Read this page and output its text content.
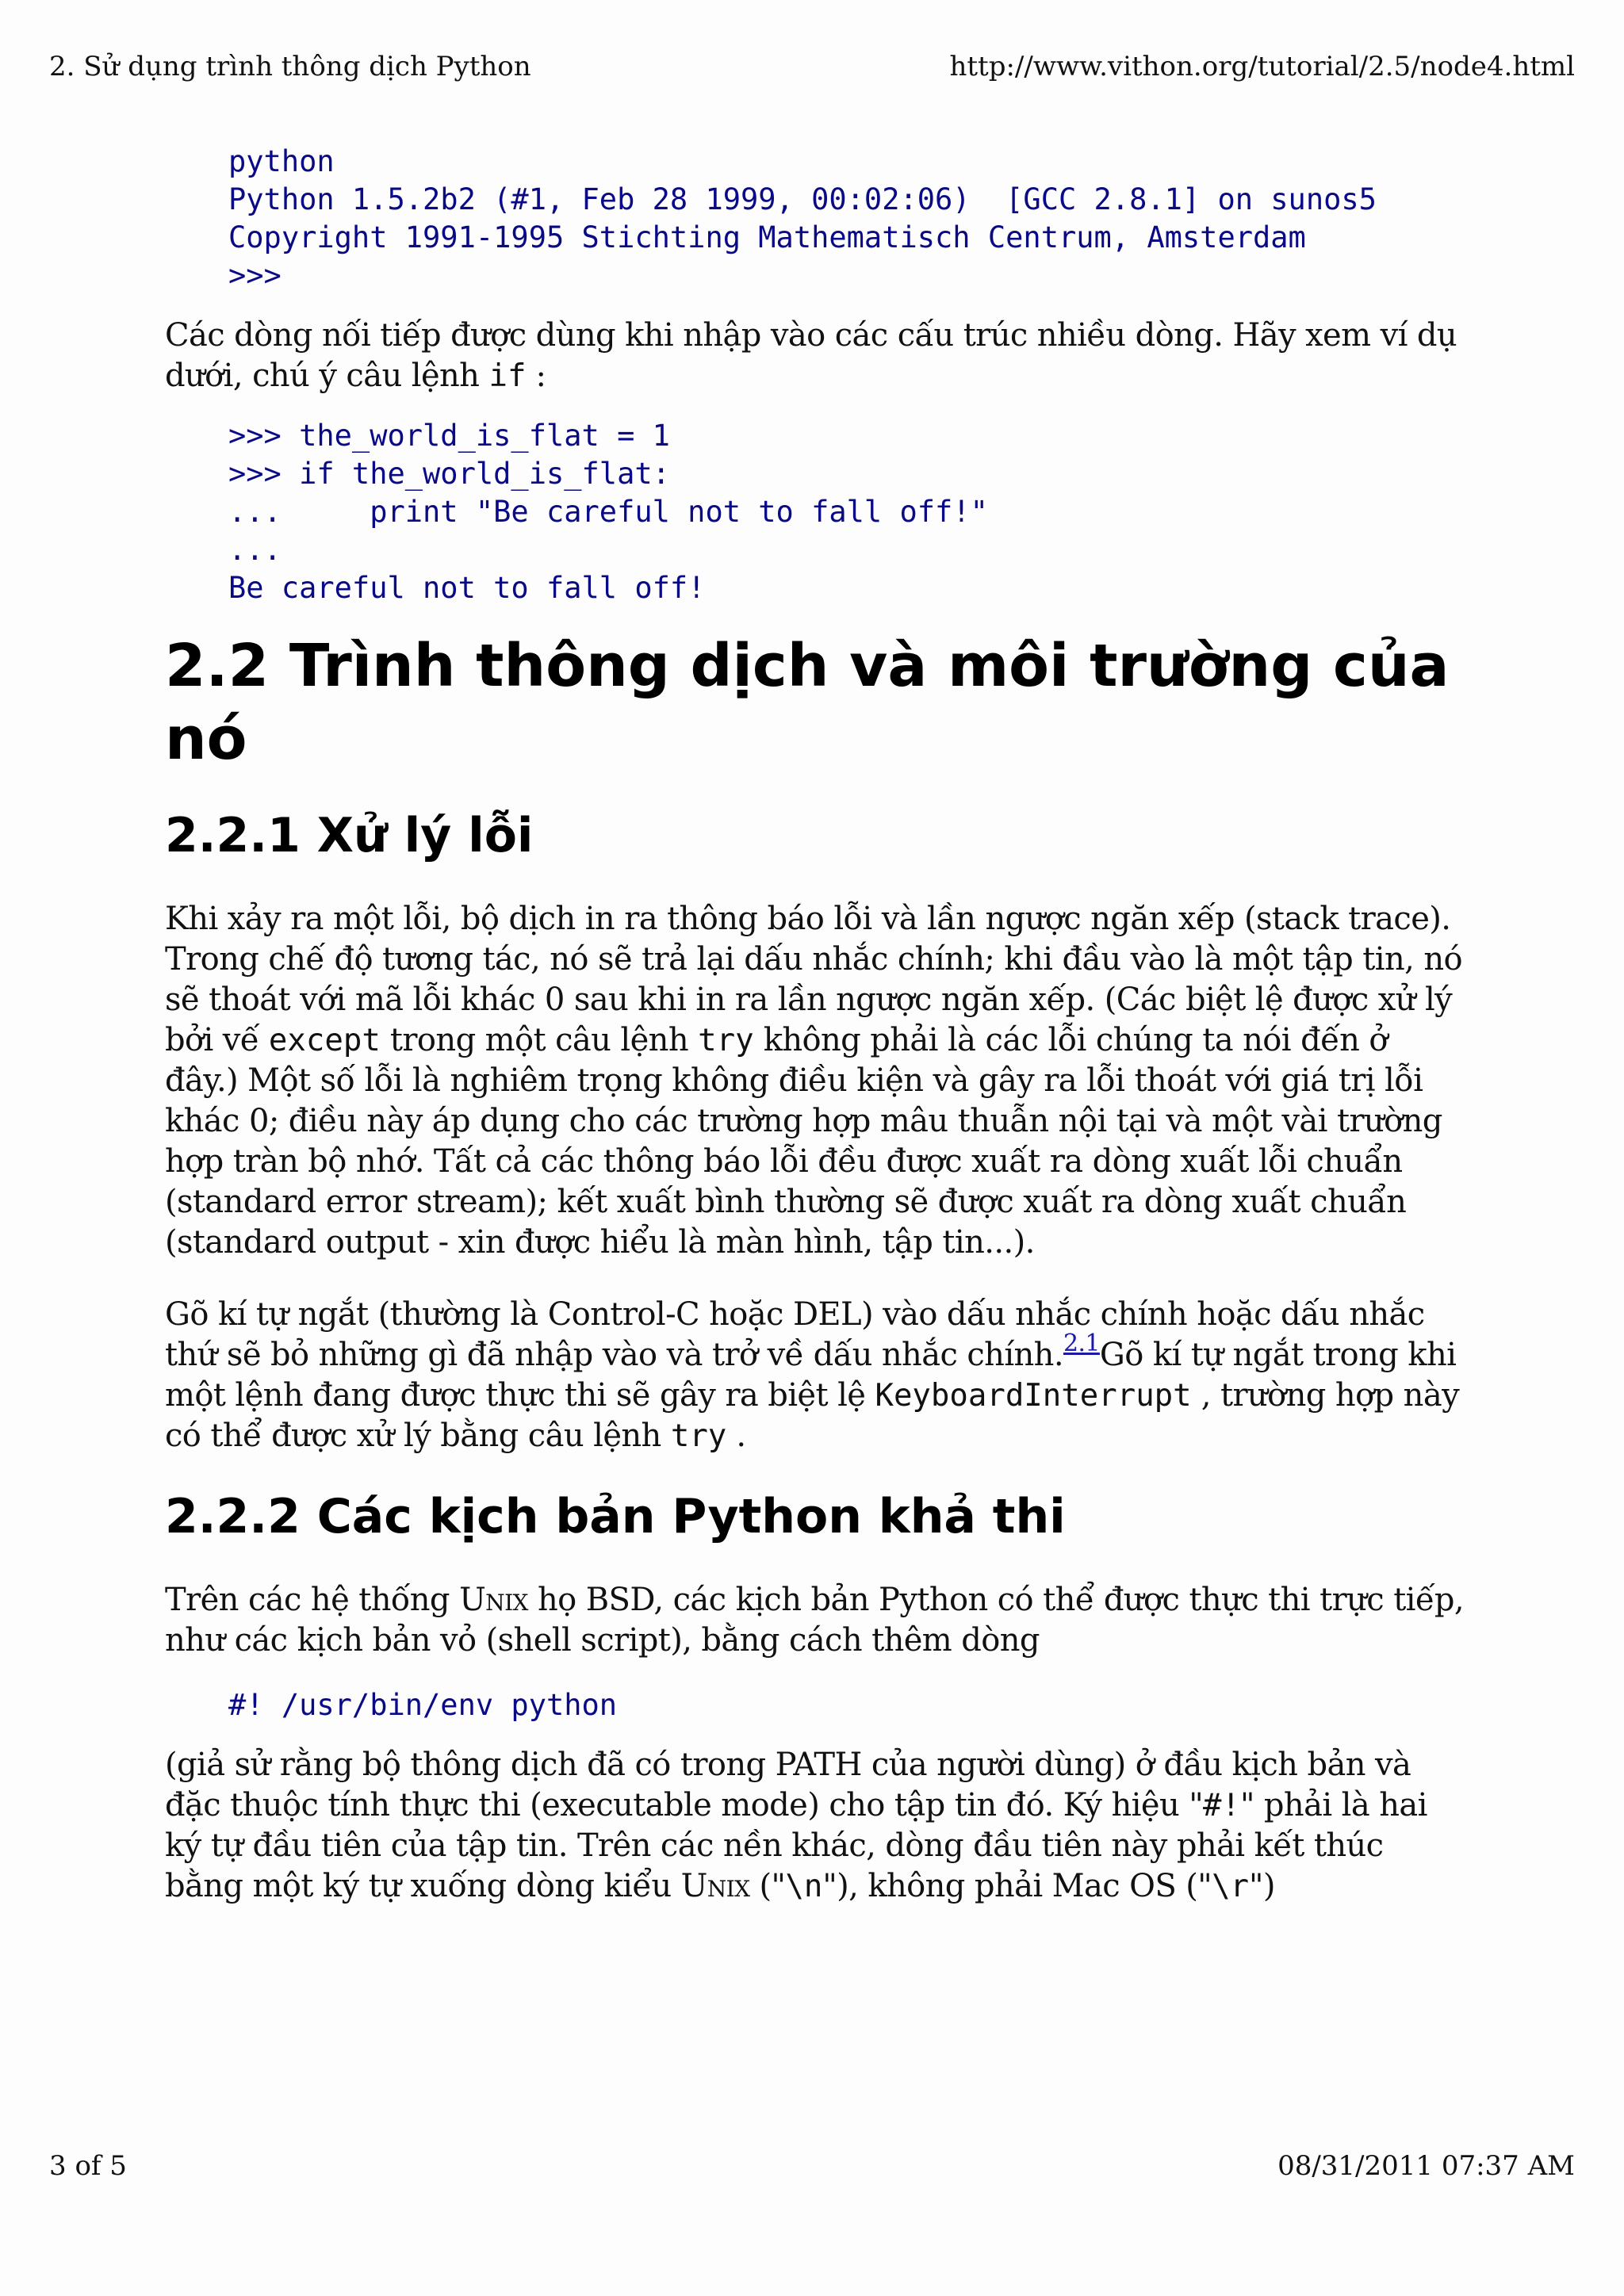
2. Sử dụng trình thông dịch Python	http://www.vithon.org/tutorial/2.5/node4.html
python
Python 1.5.2b2 (#1, Feb 28 1999, 00:02:06)  [GCC 2.8.1] on sunos5
Copyright 1991-1995 Stichting Mathematisch Centrum, Amsterdam
>>>

Các dòng nối tiếp được dùng khi nhập vào các cấu trúc nhiều dòng. Hãy xem ví dụ dưới, chú ý câu lệnh if :

>>> the_world_is_flat = 1
>>> if the_world_is_flat:
...     print "Be careful not to fall off!"
...
Be careful not to fall off!
2.2 Trình thông dịch và môi trường của nó
2.2.1 Xử lý lỗi

Khi xảy ra một lỗi, bộ dịch in ra thông báo lỗi và lần ngược ngăn xếp (stack trace). Trong chế độ tương tác, nó sẽ trả lại dấu nhắc chính; khi đầu vào là một tập tin, nó sẽ thoát với mã lỗi khác 0 sau khi in ra lần ngược ngăn xếp. (Các biệt lệ được xử lý bởi vế except trong một câu lệnh try không phải là các lỗi chúng ta nói đến ở đây.) Một số lỗi là nghiêm trọng không điều kiện và gây ra lỗi thoát với giá trị lỗi khác 0; điều này áp dụng cho các trường hợp mâu thuẫn nội tại và một vài trường hợp tràn bộ nhớ. Tất cả các thông báo lỗi đều được xuất ra dòng xuất lỗi chuẩn (standard error stream); kết xuất bình thường sẽ được xuất ra dòng xuất chuẩn (standard output - xin được hiểu là màn hình, tập tin...).

Gõ kí tự ngắt (thường là Control-C hoặc DEL) vào dấu nhắc chính hoặc dấu nhắc thứ sẽ bỏ những gì đã nhập vào và trở về dấu nhắc chính.$^{2.1}$Gõ kí tự ngắt trong khi một lệnh đang được thực thi sẽ gây ra biệt lệ KeyboardInterrupt , trường hợp này có thể được xử lý bằng câu lệnh try .

2.2.2 Các kịch bản Python khả thi

Trên các hệ thống Unix họ BSD, các kịch bản Python có thể được thực thi trực tiếp, như các kịch bản vỏ (shell script), bằng cách thêm dòng

#! /usr/bin/env python

(giả sử rằng bộ thông dịch đã có trong PATH của người dùng) ở đầu kịch bản và đặc thuộc tính thực thi (executable mode) cho tập tin đó. Ký hiệu "#!" phải là hai ký tự đầu tiên của tập tin. Trên các nền khác, dòng đầu tiên này phải kết thúc bằng một ký tự xuống dòng kiểu Unix ("\n"), không phải Mac OS ("\r")

3 of 5	08/31/2011 07:37 AM
